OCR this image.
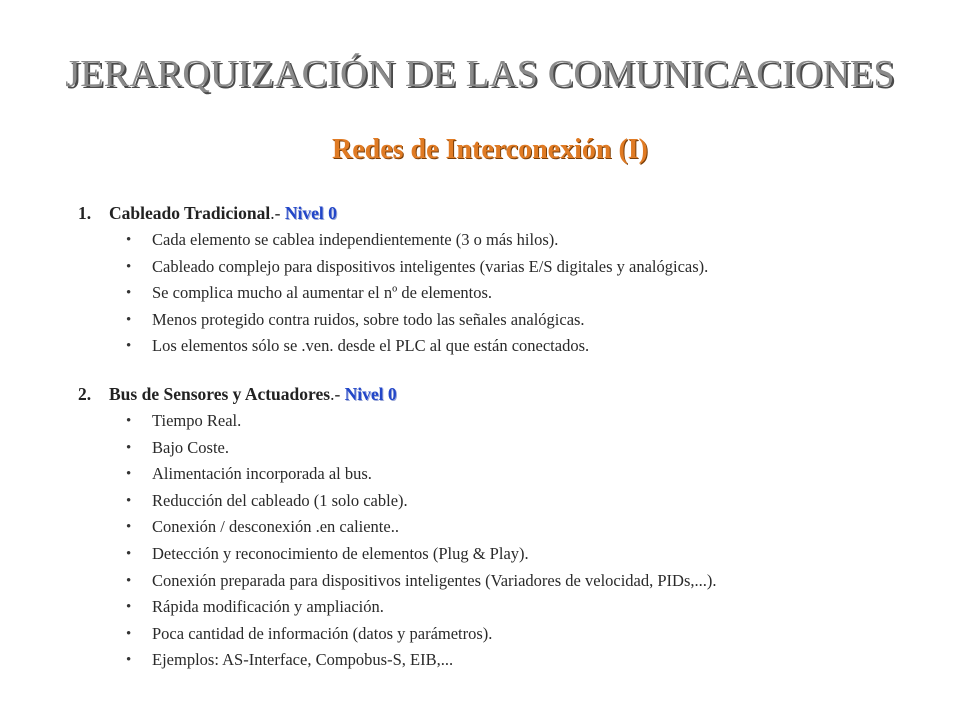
JERARQUIZACIÓN DE LAS COMUNICACIONES
Redes de Interconexión (I)
1. Cableado Tradicional.- Nivel 0
• Cada elemento se cablea independientemente (3 o más hilos).
• Cableado complejo para dispositivos inteligentes (varias E/S digitales y analógicas).
• Se complica mucho al aumentar el nº de elementos.
• Menos protegido contra ruidos, sobre todo las señales analógicas.
• Los elementos sólo se .ven. desde el PLC al que están conectados.
2. Bus de Sensores y Actuadores.- Nivel 0
• Tiempo Real.
• Bajo Coste.
• Alimentación incorporada al bus.
• Reducción del cableado (1 solo cable).
• Conexión / desconexión .en caliente..
• Detección y reconocimiento de elementos (Plug & Play).
• Conexión preparada para dispositivos inteligentes (Variadores de velocidad, PIDs,...).
• Rápida modificación y ampliación.
• Poca cantidad de información (datos y parámetros).
• Ejemplos: AS-Interface, Compobus-S, EIB,...
